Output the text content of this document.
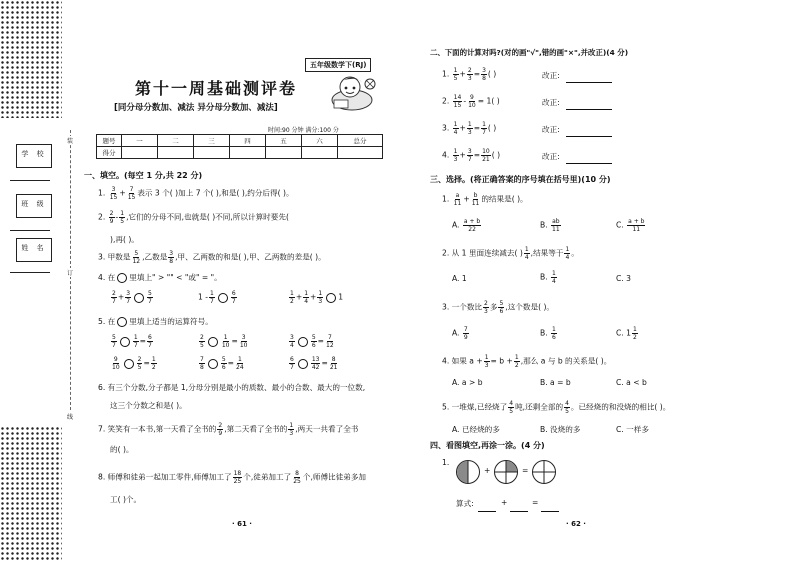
装
订
线
学 校
班 级
姓 名
五年级数学下(RJ)
第十一周基础测评卷
[同分母分数加、减法 异分母分数加、减法]
时间:90 分钟 满分:100 分
题号	一	二	三	四	五	六	总分
得分							
一、填空。(每空 1 分,共 22 分)
1. $\frac{3}{15} + \frac{7}{15}$ 表示 3 个( )加上 7 个( ),和是( ),约分后得( )。
2. $\frac{2}{9} - \frac{1}{5}$ ,它们的分母不同,也就是( )不同,所以计算时要先(
),再( )。
3. 甲数是 $\frac{5}{12}$ ,乙数是 $\frac{3}{8}$ ,甲、乙两数的和是( ),甲、乙两数的差是( )。
4. 在 里填上" > "" < "或" = "。
$\frac{2}{7} + \frac{3}{7}$	$\frac{5}{7}$	$1 - \frac{1}{7}$	$\frac{6}{7}$	$\frac{1}{2} + \frac{1}{4} + \frac{1}{3} 1$
5. 在 里填上适当的运算符号。
$\frac{5}{7}$	$\frac{1}{7} = \frac{6}{7}$	$\frac{2}{5}$	$\frac{1}{10} = \frac{3}{10}$	$\frac{3}{4}$	$\frac{5}{6} = \frac{7}{12}$
$\frac{9}{10}$	$\frac{2}{5} = \frac{1}{2}$	$\frac{7}{8}$	$\frac{5}{6} = \frac{1}{24}$	$\frac{6}{7}$	$\frac{13}{42} = \frac{8}{21}$
6. 有三个分数,分子都是 1,分母分别是最小的质数、最小的合数、最大的一位数,
这三个分数之和是( )。
7. 笑笑有一本书,第一天看了全书的 $\frac{2}{9}$ ,第二天看了全书的 $\frac{1}{3}$ ,两天一共看了全书
的( )。
8. 师傅和徒弟一起加工零件,师傅加工了 $\frac{18}{25}$ 个,徒弟加工了 $\frac{8}{25}$ 个,师傅比徒弟多加
工( )个。
· 61 ·
二、下面的计算对吗?(对的画"√",错的画"×",并改正)(4 分)
1. $\frac{1}{5} + \frac{2}{3} = \frac{3}{8}$ ( )	改正:
2. $\frac{14}{15} - \frac{9}{10} = 1$( )	改正:
3. $\frac{1}{4} + \frac{1}{3} = \frac{1}{7}$ ( )	改正:
4. $\frac{1}{3} + \frac{3}{7} = \frac{10}{21}$ ( )	改正:
三、选择。(将正确答案的序号填在括号里)(10 分)
1. $\frac{a}{11} + \frac{b}{11}$ 的结果是( )。
A. $\frac{a + b}{22}$	B. $\frac{ab}{11}$	C. $\frac{a + b}{11}$
2. 从 1 里面连续减去( ) $\frac{1}{4}$ ,结果等于 $\frac{1}{4}$ 。
A. 1	B. $\frac{1}{4}$	C. 3
3. 一个数比 $\frac{2}{3}$ 多 $\frac{5}{6}$ ,这个数是( )。
A. $\frac{7}{9}$	B. $\frac{1}{6}$	C. $1 \frac{1}{2}$
4. 如果 $a + \frac{1}{3} = b + \frac{1}{2}$ ,那么 a 与 b 的关系是( )。
A. a > b	B. a = b	C. a < b
5. 一堆煤,已经烧了 $\frac{4}{5}$ 吨,还剩全部的 $\frac{4}{5}$ 。已经烧的和没烧的相比( )。
A. 已经烧的多	B. 没烧的多	C. 一样多
四、看图填空,再涂一涂。(4 分)
1.
+	=
算式:	+	=
· 62 ·
